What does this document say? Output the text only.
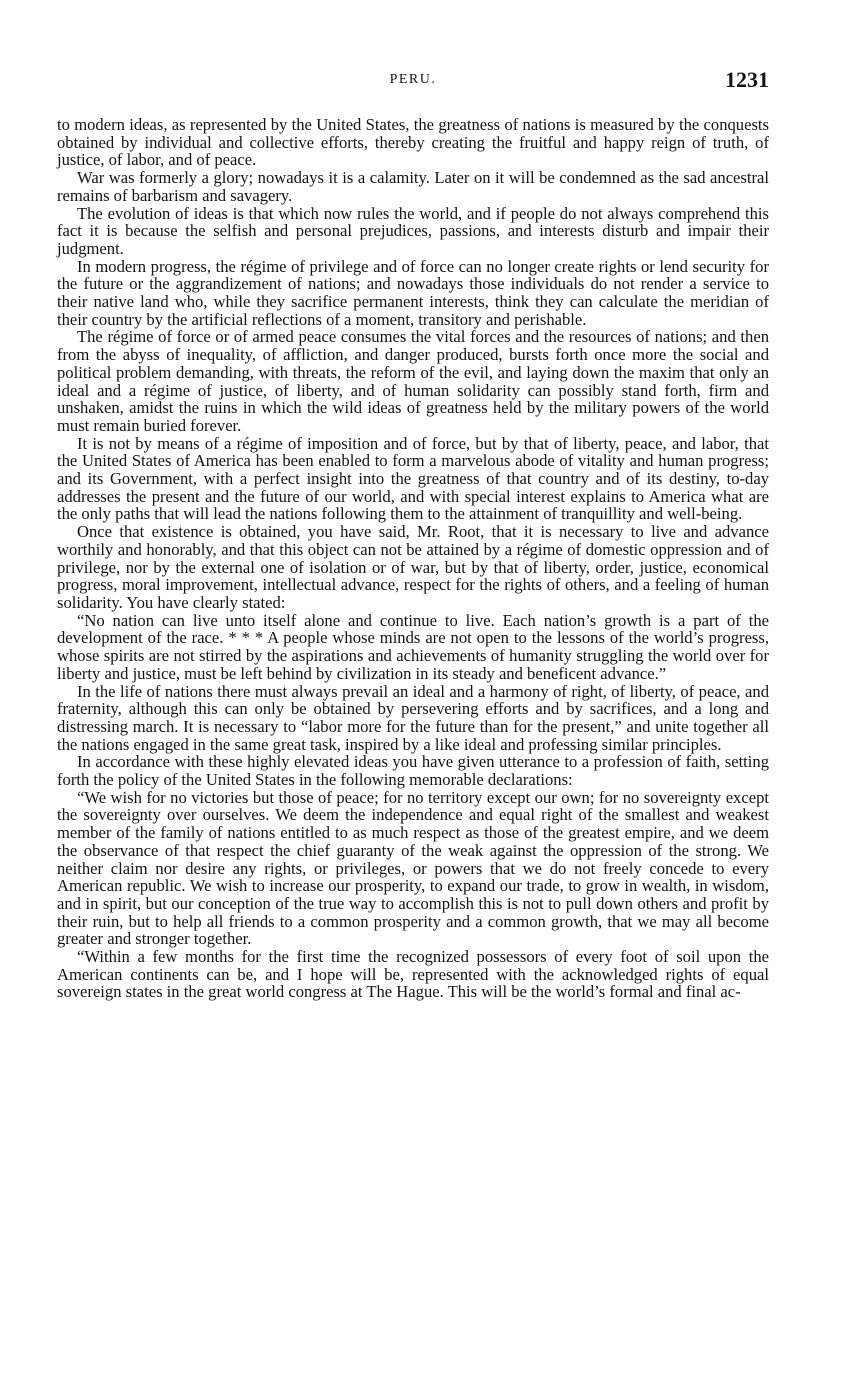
PERU.	1231

to modern ideas, as represented by the United States, the greatness of nations is measured by the conquests obtained by individual and collective efforts, thereby creating the fruitful and happy reign of truth, of justice, of labor, and of peace.

War was formerly a glory; nowadays it is a calamity. Later on it will be condemned as the sad ancestral remains of barbarism and savagery.

The evolution of ideas is that which now rules the world, and if people do not always comprehend this fact it is because the selfish and personal prejudices, passions, and interests disturb and impair their judgment.

In modern progress, the régime of privilege and of force can no longer create rights or lend security for the future or the aggrandizement of nations; and nowadays those individuals do not render a service to their native land who, while they sacrifice permanent interests, think they can calculate the meridian of their country by the artificial reflections of a moment, transitory and perishable.

The régime of force or of armed peace consumes the vital forces and the resources of nations; and then from the abyss of inequality, of affliction, and danger produced, bursts forth once more the social and political problem demanding, with threats, the reform of the evil, and laying down the maxim that only an ideal and a régime of justice, of liberty, and of human solidarity can possibly stand forth, firm and unshaken, amidst the ruins in which the wild ideas of greatness held by the military powers of the world must remain buried forever.

It is not by means of a régime of imposition and of force, but by that of liberty, peace, and labor, that the United States of America has been enabled to form a marvelous abode of vitality and human progress; and its Government, with a perfect insight into the greatness of that country and of its destiny, to-day addresses the present and the future of our world, and with special interest explains to America what are the only paths that will lead the nations following them to the attainment of tranquillity and well-being.

Once that existence is obtained, you have said, Mr. Root, that it is necessary to live and advance worthily and honorably, and that this object can not be attained by a régime of domestic oppression and of privilege, nor by the external one of isolation or of war, but by that of liberty, order, justice, economical progress, moral improvement, intellectual advance, respect for the rights of others, and a feeling of human solidarity. You have clearly stated:

“No nation can live unto itself alone and continue to live. Each nation’s growth is a part of the development of the race. * * * A people whose minds are not open to the lessons of the world’s progress, whose spirits are not stirred by the aspirations and achievements of humanity struggling the world over for liberty and justice, must be left behind by civilization in its steady and beneficent advance.”

In the life of nations there must always prevail an ideal and a harmony of right, of liberty, of peace, and fraternity, although this can only be obtained by persevering efforts and by sacrifices, and a long and distressing march. It is necessary to “labor more for the future than for the present,” and unite together all the nations engaged in the same great task, inspired by a like ideal and professing similar principles.

In accordance with these highly elevated ideas you have given utterance to a profession of faith, setting forth the policy of the United States in the following memorable declarations:

“We wish for no victories but those of peace; for no territory except our own; for no sovereignty except the sovereignty over ourselves. We deem the independence and equal right of the smallest and weakest member of the family of nations entitled to as much respect as those of the greatest empire, and we deem the observance of that respect the chief guaranty of the weak against the oppression of the strong. We neither claim nor desire any rights, or privileges, or powers that we do not freely concede to every American republic. We wish to increase our prosperity, to expand our trade, to grow in wealth, in wisdom, and in spirit, but our conception of the true way to accomplish this is not to pull down others and profit by their ruin, but to help all friends to a common prosperity and a common growth, that we may all become greater and stronger together.

“Within a few months for the first time the recognized possessors of every foot of soil upon the American continents can be, and I hope will be, represented with the acknowledged rights of equal sovereign states in the great world congress at The Hague. This will be the world’s formal and final ac-
